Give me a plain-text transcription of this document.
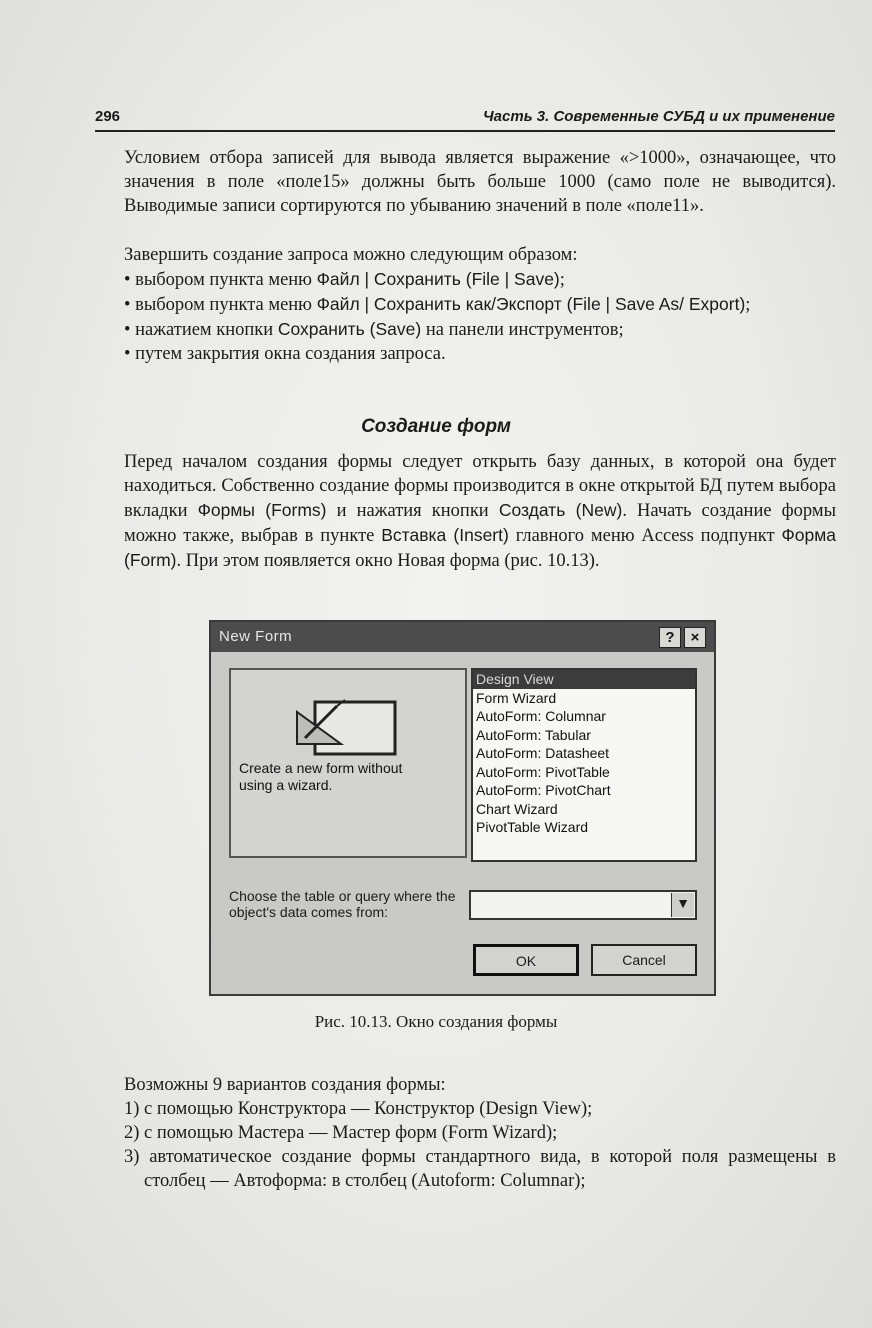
296	Часть 3. Современные СУБД и их применение
Условием отбора записей для вывода является выражение «>1000», означающее, что значения в поле «поле15» должны быть больше 1000 (само поле не выводится). Выводимые записи сортируются по убыванию значений в поле «поле11».
Завершить создание запроса можно следующим образом:
• выбором пункта меню Файл | Сохранить (File | Save);
• выбором пункта меню Файл | Сохранить как/Экспорт (File | Save As/ Export);
• нажатием кнопки Сохранить (Save) на панели инструментов;
• путем закрытия окна создания запроса.
Создание форм
Перед началом создания формы следует открыть базу данных, в которой она будет находиться. Собственно создание формы производится в окне открытой БД путем выбора вкладки Формы (Forms) и нажатия кнопки Создать (New). Начать создание формы можно также, выбрав в пункте Вставка (Insert) главного меню Access подпункт Форма (Form). При этом появляется окно Новая форма (рис. 10.13).
New Form	?	×
Create a new form without using a wizard.
Design View
Form Wizard
AutoForm: Columnar
AutoForm: Tabular
AutoForm: Datasheet
AutoForm: PivotTable
AutoForm: PivotChart
Chart Wizard
PivotTable Wizard
Choose the table or query where the object's data comes from:	▼
OK	Cancel
Рис. 10.13. Окно создания формы
Возможны 9 вариантов создания формы:
1) с помощью Конструктора — Конструктор (Design View);
2) с помощью Мастера — Мастер форм (Form Wizard);
3) автоматическое создание формы стандартного вида, в которой поля размещены в столбец — Автоформа: в столбец (Autoform: Columnar);
